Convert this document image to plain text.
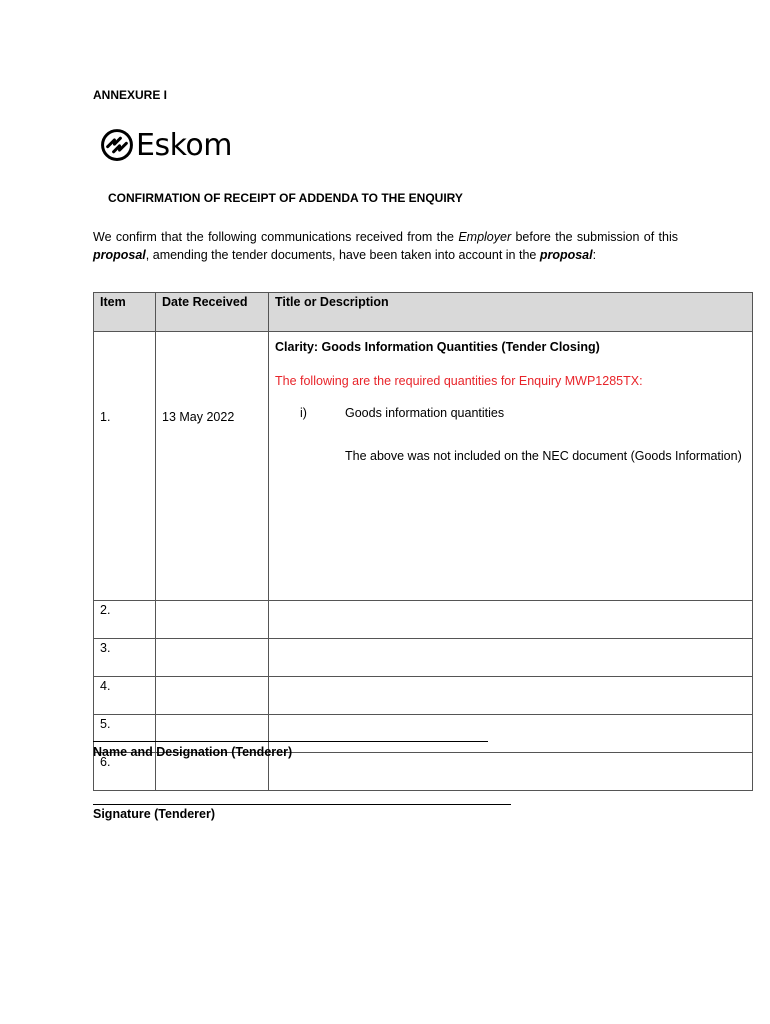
ANNEXURE I
Eskom
CONFIRMATION OF RECEIPT OF ADDENDA TO THE ENQUIRY
We confirm that the following communications received from the Employer before the submission of this proposal, amending the tender documents, have been taken into account in the proposal:
Item	Date Received	Title or Description
1.	13 May 2022	Clarity: Goods Information Quantities (Tender Closing)
The following are the required quantities for Enquiry MWP1285TX:
i) Goods information quantities
The above was not included on the NEC document (Goods Information)

2.		
3.		
4.		
5.		
6.		
Name and Designation (Tenderer)
Signature (Tenderer)
